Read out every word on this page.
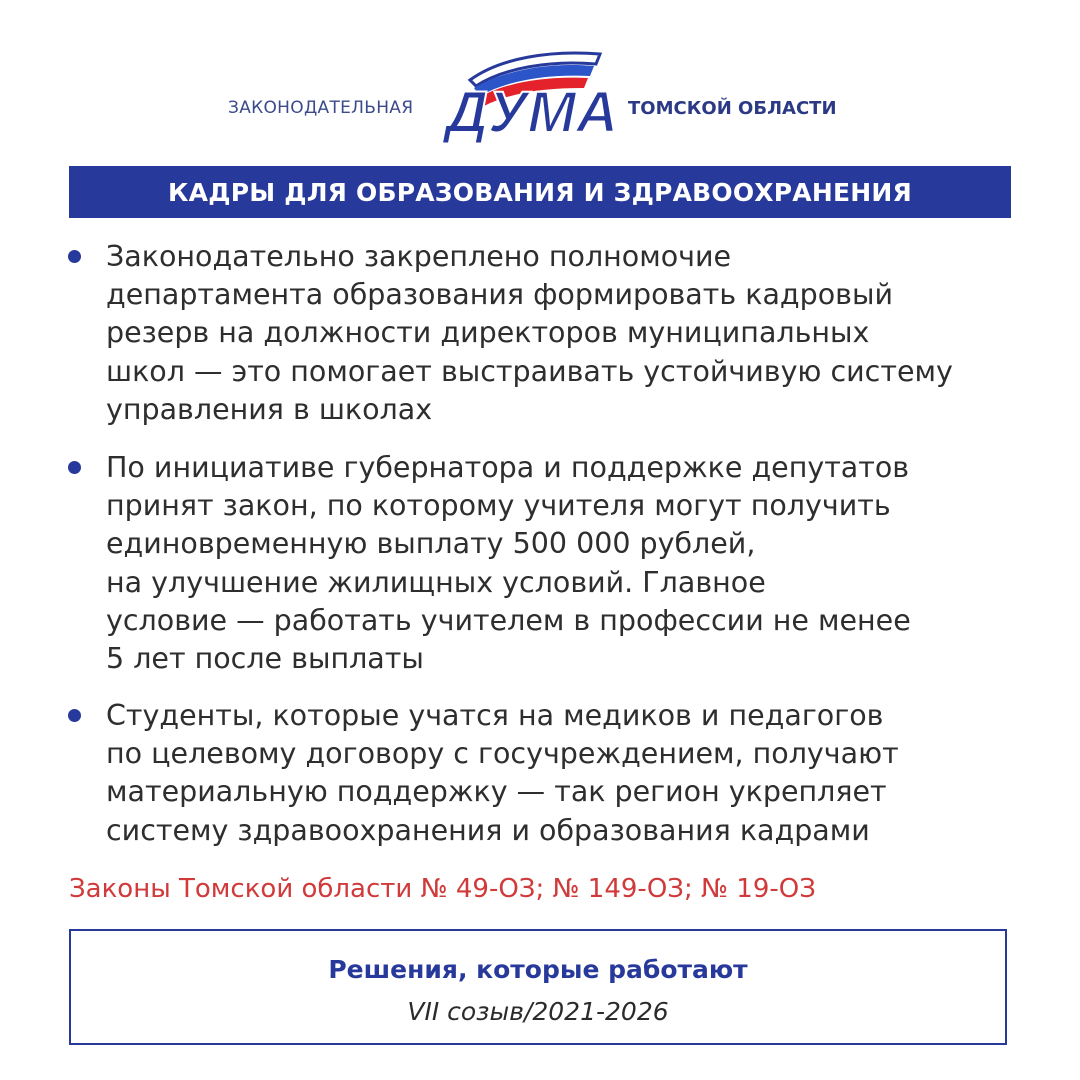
ЗАКОНОДАТЕЛЬНАЯ ДУМА ТОМСКОЙ ОБЛАСТИ
КАДРЫ ДЛЯ ОБРАЗОВАНИЯ И ЗДРАВООХРАНЕНИЯ
Законодательно закреплено полномочие
департамента образования формировать кадровый
резерв на должности директоров муниципальных
школ — это помогает выстраивать устойчивую систему
управления в школах
По инициативе губернатора и поддержке депутатов
принят закон, по которому учителя могут получить
единовременную выплату 500 000 рублей,
на улучшение жилищных условий. Главное
условие — работать учителем в профессии не менее
5 лет после выплаты
Студенты, которые учатся на медиков и педагогов
по целевому договору с госучреждением, получают
материальную поддержку — так регион укрепляет
систему здравоохранения и образования кадрами
Законы Томской области № 49-ОЗ; № 149-ОЗ; № 19-ОЗ
Решения, которые работают
VII созыв/2021-2026
